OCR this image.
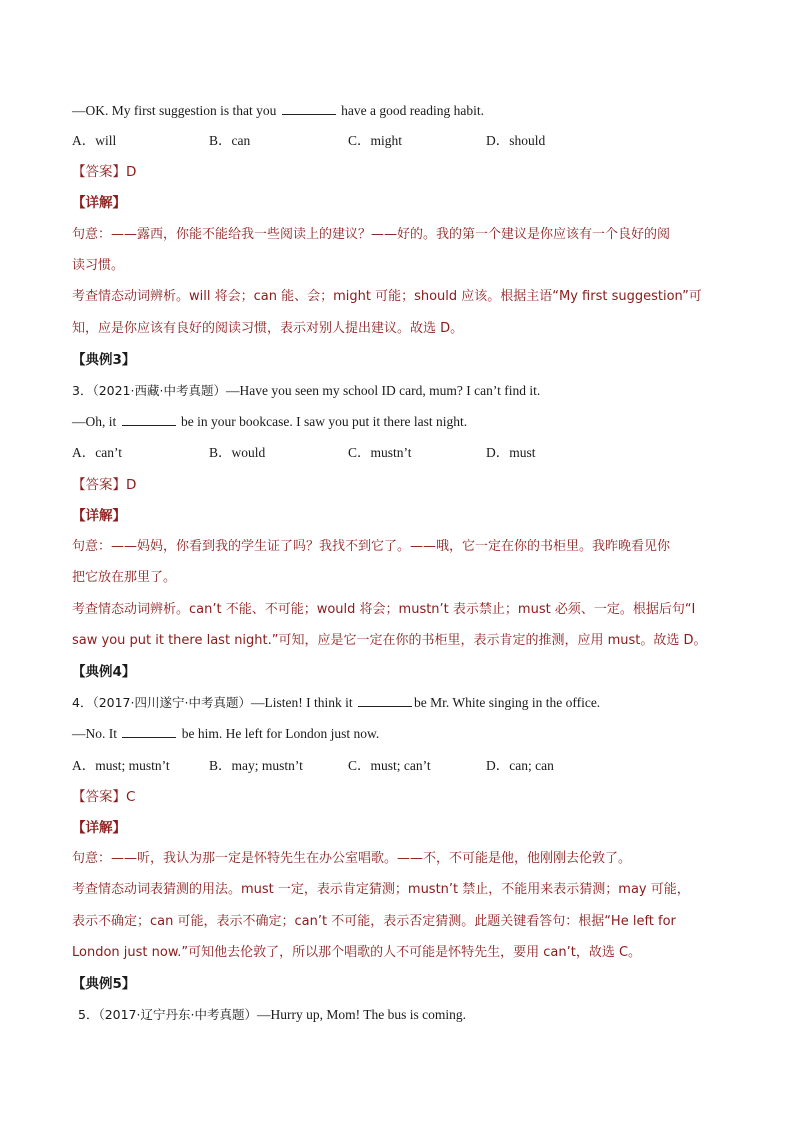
—OK. My first suggestion is that you	have a good reading habit.
A．will	B．can	C．might	D．should
【答案】D
【详解】
句意：——露西，你能不能给我一些阅读上的建议？——好的。我的第一个建议是你应该有一个良好的阅
读习惯。
考查情态动词辨析。will 将会；can 能、会；might 可能；should 应该。根据主语“My first suggestion”可
知，应是你应该有良好的阅读习惯，表示对别人提出建议。故选 D。
【典例3】
3．（2021·西藏·中考真题）—Have you seen my school ID card, mum? I can’t find it.
—Oh, it	be in your bookcase. I saw you put it there last night.
A．can’t	B．would	C．mustn’t	D．must
【答案】D
【详解】
句意：——妈妈，你看到我的学生证了吗？我找不到它了。——哦，它一定在你的书柜里。我昨晚看见你
把它放在那里了。
考查情态动词辨析。can’t 不能、不可能；would 将会；mustn’t 表示禁止；must 必须、一定。根据后句“I
saw you put it there last night.”可知，应是它一定在你的书柜里，表示肯定的推测，应用 must。故选 D。
【典例4】
4．（2017·四川遂宁·中考真题）—Listen! I think it	be Mr. White singing in the office.
—No. It	be him. He left for London just now.
A．must; mustn’t	B．may; mustn’t	C．must; can’t	D．can; can
【答案】C
【详解】
句意：——听，我认为那一定是怀特先生在办公室唱歌。——不，不可能是他，他刚刚去伦敦了。
考查情态动词表猜测的用法。must 一定，表示肯定猜测；mustn’t 禁止，不能用来表示猜测；may 可能，
表示不确定；can 可能，表示不确定；can’t 不可能，表示否定猜测。此题关键看答句：根据“He left for
London just now.”可知他去伦敦了，所以那个唱歌的人不可能是怀特先生，要用 can’t，故选 C。
【典例5】
5．（2017·辽宁丹东·中考真题）—Hurry up, Mom! The bus is coming.
